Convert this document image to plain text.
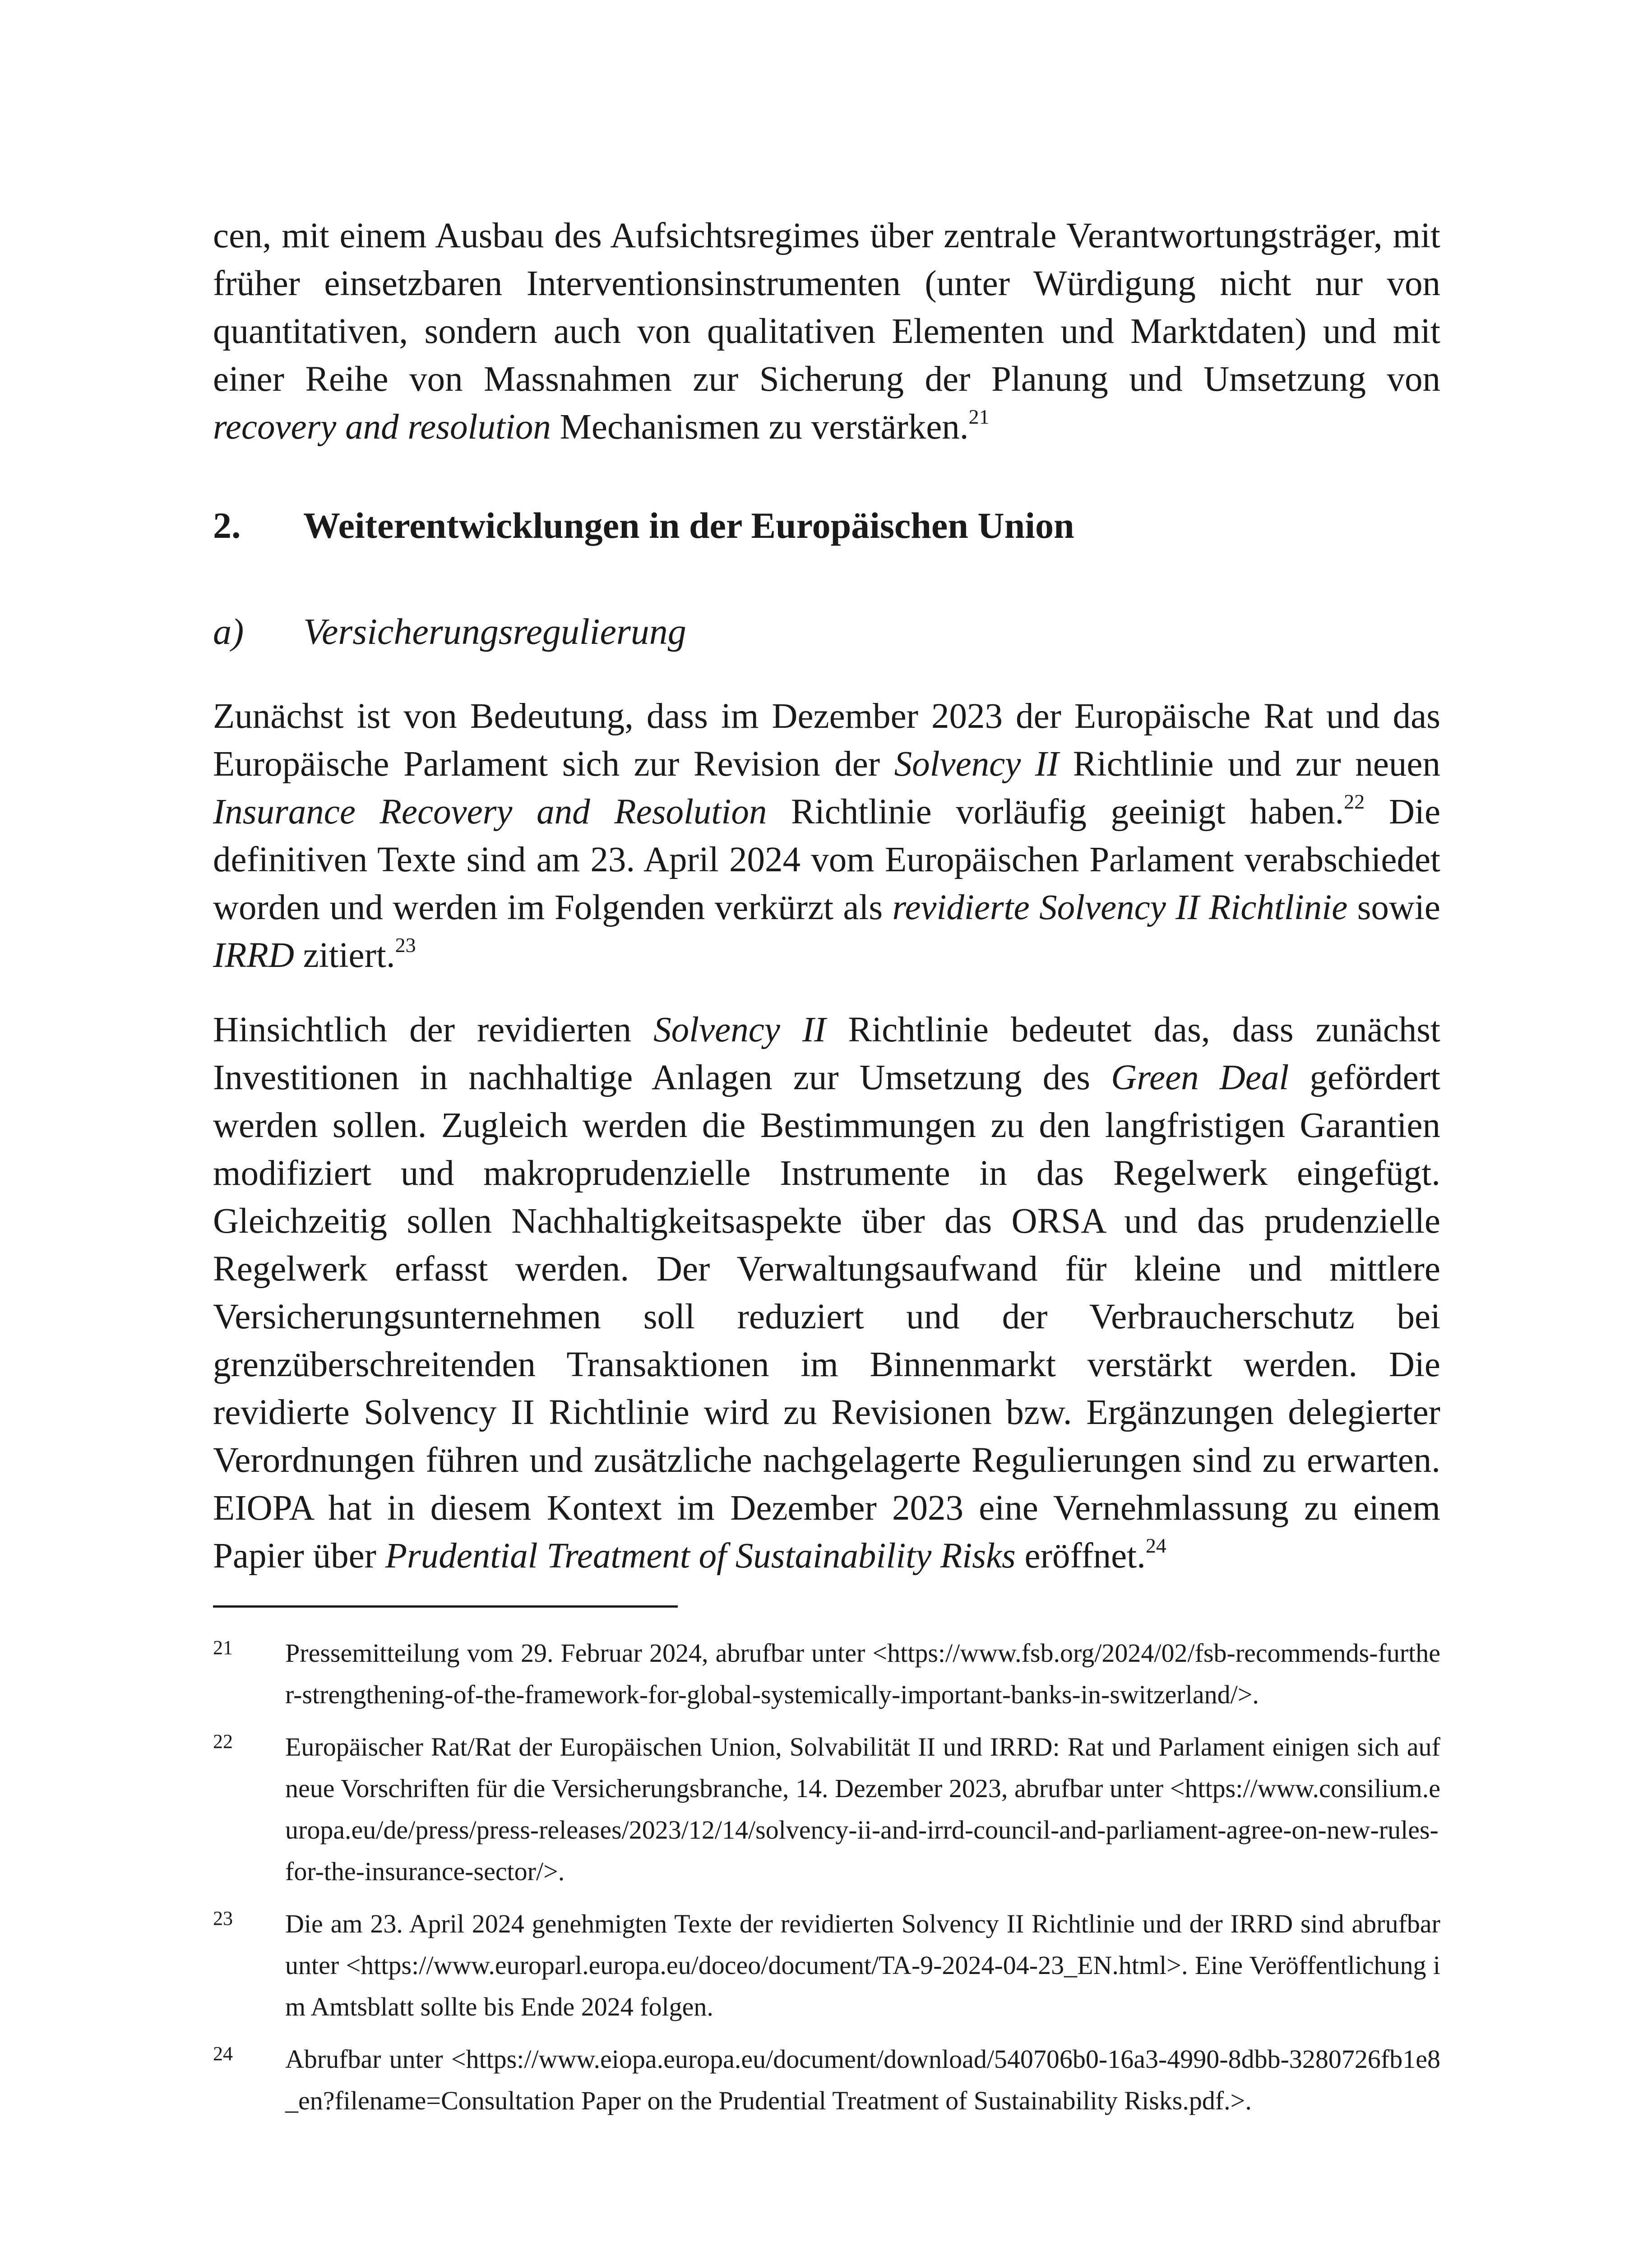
cen, mit einem Ausbau des Aufsichtsregimes über zentrale Verantwortungsträger, mit früher einsetzbaren Interventionsinstrumenten (unter Würdigung nicht nur von quantitativen, sondern auch von qualitativen Elementen und Marktdaten) und mit einer Reihe von Massnahmen zur Sicherung der Planung und Umsetzung von recovery and resolution Mechanismen zu verstärken.$^{21}$

2.	Weiterentwicklungen in der Europäischen Union
a)	Versicherungsregulierung

Zunächst ist von Bedeutung, dass im Dezember 2023 der Europäische Rat und das Europäische Parlament sich zur Revision der Solvency II Richtlinie und zur neuen Insurance Recovery and Resolution Richtlinie vorläufig geeinigt haben.$^{22}$ Die definitiven Texte sind am 23. April 2024 vom Europäischen Parlament verabschiedet worden und werden im Folgenden verkürzt als revidierte Solvency II Richtlinie sowie IRRD zitiert.$^{23}$

Hinsichtlich der revidierten Solvency II Richtlinie bedeutet das, dass zunächst Investitionen in nachhaltige Anlagen zur Umsetzung des Green Deal gefördert werden sollen. Zugleich werden die Bestimmungen zu den langfristigen Garantien modifiziert und makroprudenzielle Instrumente in das Regelwerk eingefügt. Gleichzeitig sollen Nachhaltigkeitsaspekte über das ORSA und das prudenzielle Regelwerk erfasst werden. Der Verwaltungsaufwand für kleine und mittlere Versicherungsunternehmen soll reduziert und der Verbraucherschutz bei grenzüberschreitenden Transaktionen im Binnenmarkt verstärkt werden. Die revidierte Solvency II Richtlinie wird zu Revisionen bzw. Ergänzungen delegierter Verordnungen führen und zusätzliche nachgelagerte Regulierungen sind zu erwarten. EIOPA hat in diesem Kontext im Dezember 2023 eine Vernehmlassung zu einem Papier über Prudential Treatment of Sustainability Risks eröffnet.$^{24}$

21	Pressemitteilung vom 29. Februar 2024, abrufbar unter <https://www.fsb.org/2024/02/fsb-recommends-further-strengthening-of-the-framework-for-global-systemically-important-banks-in-switzerland/>.

22	Europäischer Rat/Rat der Europäischen Union, Solvabilität II und IRRD: Rat und Parlament einigen sich auf neue Vorschriften für die Versicherungsbranche, 14. Dezember 2023, abrufbar unter <https://www.consilium.europa.eu/de/press/press-releases/2023/12/14/solvency-ii-and-irrd-council-and-parliament-agree-on-new-rules-for-the-insurance-sector/>.

23	Die am 23. April 2024 genehmigten Texte der revidierten Solvency II Richtlinie und der IRRD sind abrufbar unter <https://www.europarl.europa.eu/doceo/document/TA-9-2024-04-23_EN.html>. Eine Veröffentlichung im Amtsblatt sollte bis Ende 2024 folgen.

24	Abrufbar unter <https://www.eiopa.europa.eu/document/download/540706b0-16a3-4990-8dbb-3280726fb1e8_en?filename=Consultation Paper on the Prudential Treatment of Sustainability Risks.pdf.>.
